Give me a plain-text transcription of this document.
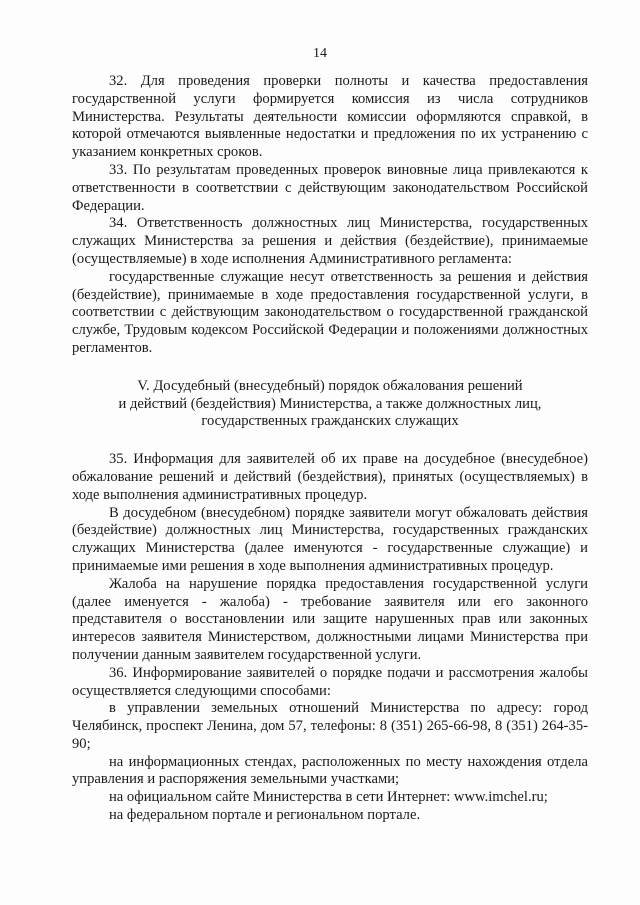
14

32. Для проведения проверки полноты и качества предоставления государственной услуги формируется комиссия из числа сотрудников Министерства. Результаты деятельности комиссии оформляются справкой, в которой отмечаются выявленные недостатки и предложения по их устранению с указанием конкретных сроков.

33. По результатам проведенных проверок виновные лица привлекаются к ответственности в соответствии с действующим законодательством Российской Федерации.

34. Ответственность должностных лиц Министерства, государственных служащих Министерства за решения и действия (бездействие), принимаемые (осуществляемые) в ходе исполнения Административного регламента:

государственные служащие несут ответственность за решения и действия (бездействие), принимаемые в ходе предоставления государственной услуги, в соответствии с действующим законодательством о государственной гражданской службе, Трудовым кодексом Российской Федерации и положениями должностных регламентов.

V. Досудебный (внесудебный) порядок обжалования решений
и действий (бездействия) Министерства, а также должностных лиц,
государственных гражданских служащих

35. Информация для заявителей об их праве на досудебное (внесудебное) обжалование решений и действий (бездействия), принятых (осуществляемых) в ходе выполнения административных процедур.

В досудебном (внесудебном) порядке заявители могут обжаловать действия (бездействие) должностных лиц Министерства, государственных гражданских служащих Министерства (далее именуются - государственные служащие) и принимаемые ими решения в ходе выполнения административных процедур.

Жалоба на нарушение порядка предоставления государственной услуги (далее именуется - жалоба) - требование заявителя или его законного представителя о восстановлении или защите нарушенных прав или законных интересов заявителя Министерством, должностными лицами Министерства при получении данным заявителем государственной услуги.

36. Информирование заявителей о порядке подачи и рассмотрения жалобы осуществляется следующими способами:

в управлении земельных отношений Министерства по адресу: город Челябинск, проспект Ленина, дом 57, телефоны: 8 (351) 265-66-98, 8 (351) 264-35-90;

на информационных стендах, расположенных по месту нахождения отдела управления и распоряжения земельными участками;

на официальном сайте Министерства в сети Интернет: www.imchel.ru;

на федеральном портале и региональном портале.
